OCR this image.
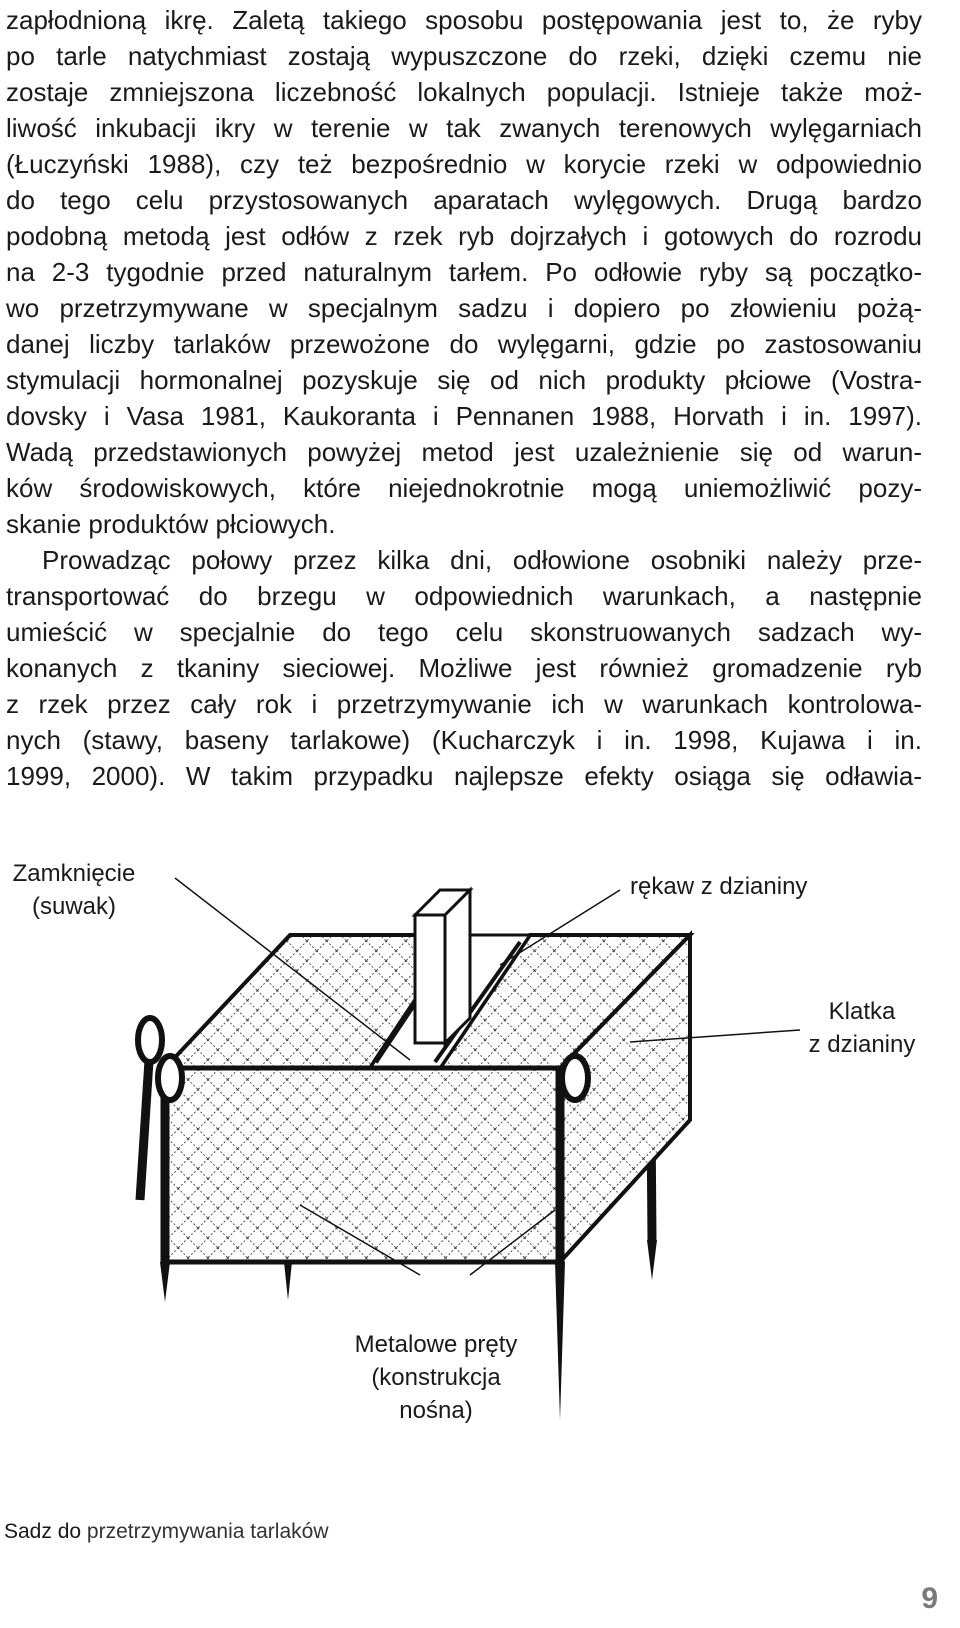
zapłodnioną ikrę. Zaletą takiego sposobu postępowania jest to, że ryby
po tarle natychmiast zostają wypuszczone do rzeki, dzięki czemu nie
zostaje zmniejszona liczebność lokalnych populacji. Istnieje także moż-
liwość inkubacji ikry w terenie w tak zwanych terenowych wylęgarniach
(Łuczyński 1988), czy też bezpośrednio w korycie rzeki w odpowiednio
do tego celu przystosowanych aparatach wylęgowych. Drugą bardzo
podobną metodą jest odłów z rzek ryb dojrzałych i gotowych do rozrodu
na 2-3 tygodnie przed naturalnym tarłem. Po odłowie ryby są początko-
wo przetrzymywane w specjalnym sadzu i dopiero po złowieniu pożą-
danej liczby tarlaków przewożone do wylęgarni, gdzie po zastosowaniu
stymulacji hormonalnej pozyskuje się od nich produkty płciowe (Vostra-
dovsky i Vasa 1981, Kaukoranta i Pennanen 1988, Horvath i in. 1997).
Wadą przedstawionych powyżej metod jest uzależnienie się od warun-
ków środowiskowych, które niejednokrotnie mogą uniemożliwić pozy-
skanie produktów płciowych.
Prowadząc połowy przez kilka dni, odłowione osobniki należy prze-
transportować do brzegu w odpowiednich warunkach, a następnie
umieścić w specjalnie do tego celu skonstruowanych sadzach wy-
konanych z tkaniny sieciowej. Możliwe jest również gromadzenie ryb
z rzek przez cały rok i przetrzymywanie ich w warunkach kontrolowa-
nych (stawy, baseny tarlakowe) (Kucharczyk i in. 1998, Kujawa i in.
1999, 2000). W takim przypadku najlepsze efekty osiąga się odławia-
Zamknięcie
(suwak)
rękaw z dzianiny
Klatka
z dzianiny
Metalowe pręty
(konstrukcja
nośna)
Sadz do przetrzymywania tarlaków
9
